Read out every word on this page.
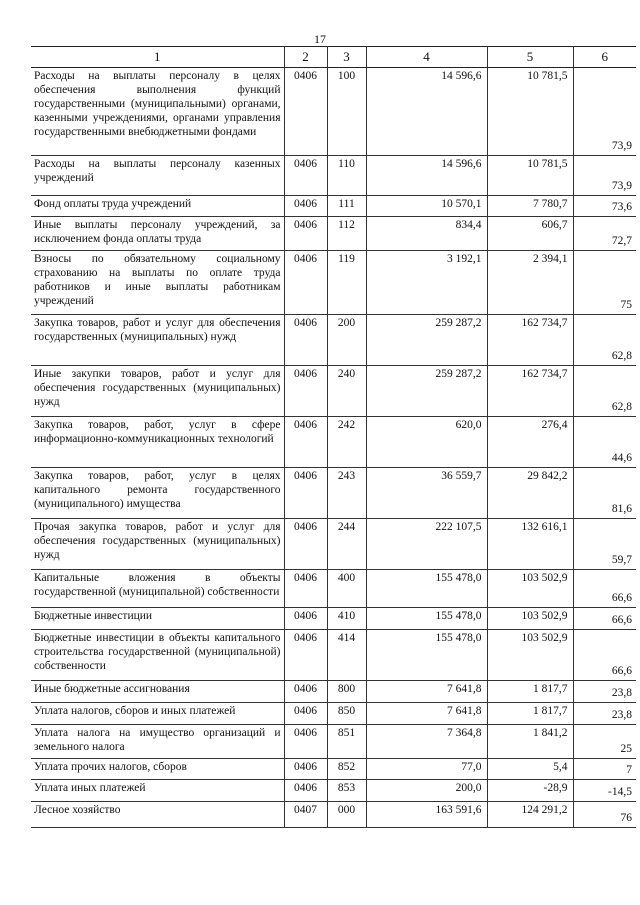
17
1	2	3	4	5	6
Расходы на выплаты персоналу в целях обеспечения выполнения функций государственными (муниципальными) органами, казенными учреждениями, органами управления государственными внебюджетными фондами	0406	100	14 596,6	10 781,5	73,9
Расходы на выплаты персоналу казенных учреждений	0406	110	14 596,6	10 781,5	73,9
Фонд оплаты труда учреждений	0406	111	10 570,1	7 780,7	73,6
Иные выплаты персоналу учреждений, за исключением фонда оплаты труда	0406	112	834,4	606,7	72,7
Взносы по обязательному социальному страхованию на выплаты по оплате труда работников и иные выплаты работникам учреждений	0406	119	3 192,1	2 394,1	75
Закупка товаров, работ и услуг для обеспечения государственных (муниципальных) нужд	0406	200	259 287,2	162 734,7	62,8
Иные закупки товаров, работ и услуг для обеспечения государственных (муниципальных) нужд	0406	240	259 287,2	162 734,7	62,8
Закупка товаров, работ, услуг в сфере информационно-коммуникационных технологий	0406	242	620,0	276,4	44,6
Закупка товаров, работ, услуг в целях капитального ремонта государственного (муниципального) имущества	0406	243	36 559,7	29 842,2	81,6
Прочая закупка товаров, работ и услуг для обеспечения государственных (муниципальных) нужд	0406	244	222 107,5	132 616,1	59,7
Капитальные вложения в объекты государственной (муниципальной) собственности	0406	400	155 478,0	103 502,9	66,6
Бюджетные инвестиции	0406	410	155 478,0	103 502,9	66,6
Бюджетные инвестиции в объекты капитального строительства государственной (муниципальной) собственности	0406	414	155 478,0	103 502,9	66,6
Иные бюджетные ассигнования	0406	800	7 641,8	1 817,7	23,8
Уплата налогов, сборов и иных платежей	0406	850	7 641,8	1 817,7	23,8
Уплата налога на имущество организаций и земельного налога	0406	851	7 364,8	1 841,2	25
Уплата прочих налогов, сборов	0406	852	77,0	5,4	7
Уплата иных платежей	0406	853	200,0	-28,9	-14,5
Лесное хозяйство	0407	000	163 591,6	124 291,2	76
